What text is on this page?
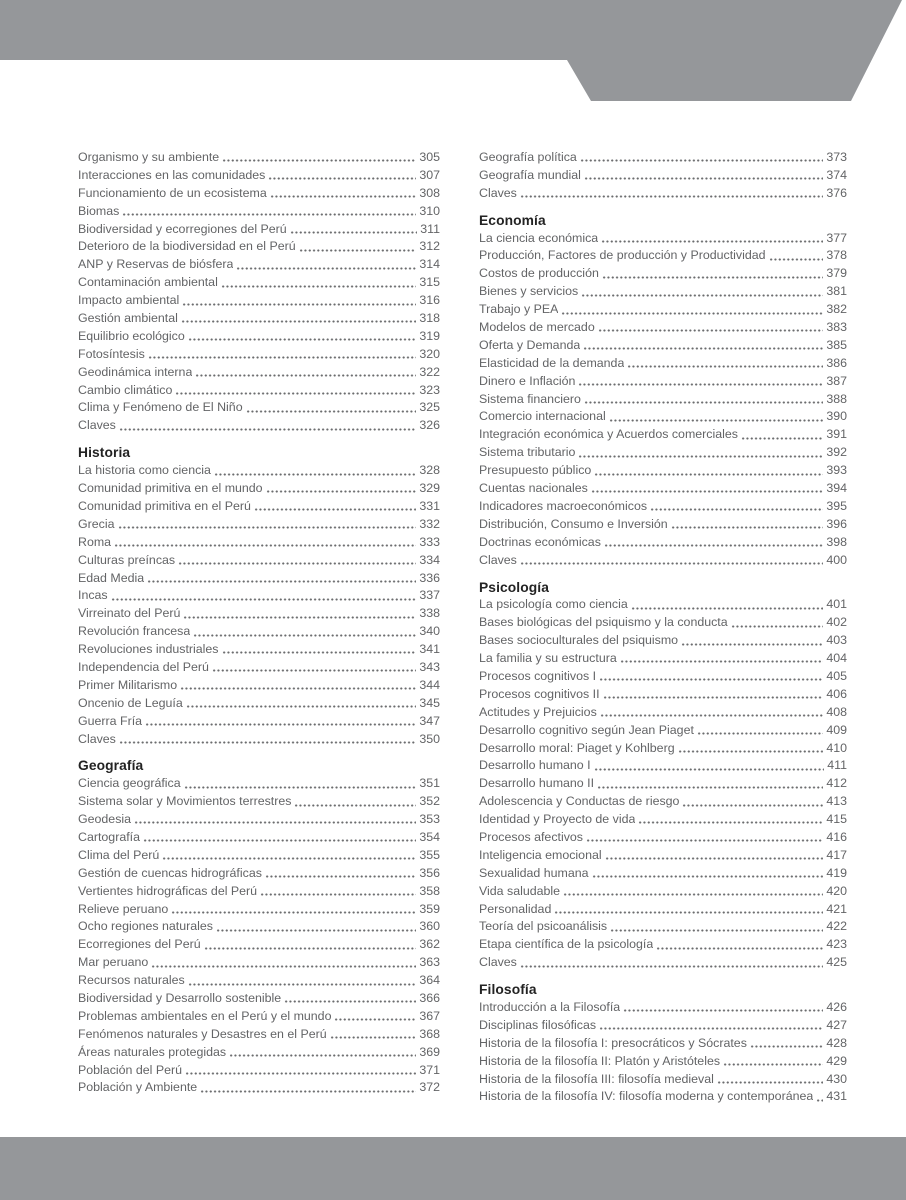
Organismo y su ambiente	305
Interacciones en las comunidades	307
Funcionamiento de un ecosistema	308
Biomas	310
Biodiversidad y ecorregiones del Perú	311
Deterioro de la biodiversidad en el Perú	312
ANP y Reservas de biósfera	314
Contaminación ambiental	315
Impacto ambiental	316
Gestión ambiental	318
Equilibrio ecológico	319
Fotosíntesis	320
Geodinámica interna	322
Cambio climático	323
Clima y Fenómeno de El Niño	325
Claves	326
Historia
La historia como ciencia	328
Comunidad primitiva en el mundo	329
Comunidad primitiva en el Perú	331
Grecia	332
Roma	333
Culturas preíncas	334
Edad Media	336
Incas	337
Virreinato del Perú	338
Revolución francesa	340
Revoluciones industriales	341
Independencia del Perú	343
Primer Militarismo	344
Oncenio de Leguía	345
Guerra Fría	347
Claves	350
Geografía
Ciencia geográfica	351
Sistema solar y Movimientos terrestres	352
Geodesia	353
Cartografía	354
Clima del Perú	355
Gestión de cuencas hidrográficas	356
Vertientes hidrográficas del Perú	358
Relieve peruano	359
Ocho regiones naturales	360
Ecorregiones del Perú	362
Mar peruano	363
Recursos naturales	364
Biodiversidad y Desarrollo sostenible	366
Problemas ambientales en el Perú y el mundo	367
Fenómenos naturales y Desastres en el Perú	368
Áreas naturales protegidas	369
Población del Perú	371
Población y Ambiente	372
Geografía política	373
Geografía mundial	374
Claves	376
Economía
La ciencia económica	377
Producción, Factores de producción y Productividad	378
Costos de producción	379
Bienes y servicios	381
Trabajo y PEA	382
Modelos de mercado	383
Oferta y Demanda	385
Elasticidad de la demanda	386
Dinero e Inflación	387
Sistema financiero	388
Comercio internacional	390
Integración económica y Acuerdos comerciales	391
Sistema tributario	392
Presupuesto público	393
Cuentas nacionales	394
Indicadores macroeconómicos	395
Distribución, Consumo e Inversión	396
Doctrinas económicas	398
Claves	400
Psicología
La psicología como ciencia	401
Bases biológicas del psiquismo y la conducta	402
Bases socioculturales del psiquismo	403
La familia y su estructura	404
Procesos cognitivos I	405
Procesos cognitivos II	406
Actitudes y Prejuicios	408
Desarrollo cognitivo según Jean Piaget	409
Desarrollo moral: Piaget y Kohlberg	410
Desarrollo humano I	411
Desarrollo humano II	412
Adolescencia y Conductas de riesgo	413
Identidad y Proyecto de vida	415
Procesos afectivos	416
Inteligencia emocional	417
Sexualidad humana	419
Vida saludable	420
Personalidad	421
Teoría del psicoanálisis	422
Etapa científica de la psicología	423
Claves	425
Filosofía
Introducción a la Filosofía	426
Disciplinas filosóficas	427
Historia de la filosofía I: presocráticos y Sócrates	428
Historia de la filosofía II: Platón y Aristóteles	429
Historia de la filosofía III: filosofía medieval	430
Historia de la filosofía IV: filosofía moderna y contemporánea 431
